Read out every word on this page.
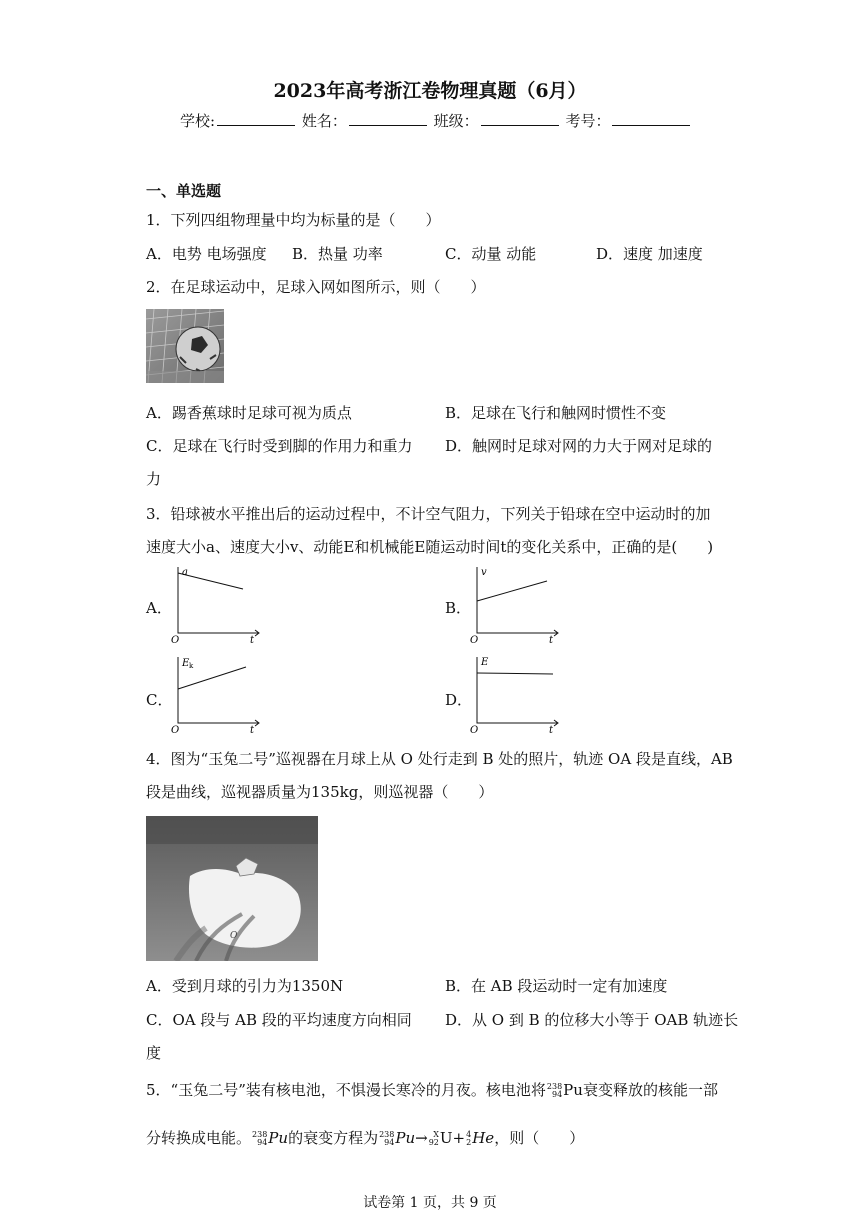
2023年高考浙江卷物理真题（6月）
学校:	姓名：	班级：	考号：
一、单选题
1．下列四组物理量中均为标量的是（　　）
A．电势 电场强度 B．热量 功率	C．动量 动能	D．速度 加速度
2．在足球运动中，足球入网如图所示，则（　　）
A．踢香蕉球时足球可视为质点	B．足球在飞行和触网时惯性不变
C．足球在飞行时受到脚的作用力和重力 D．触网时足球对网的力大于网对足球的
力
3．铅球被水平推出后的运动过程中，不计空气阻力，下列关于铅球在空中运动时的加
速度大小a、速度大小v、动能E和机械能E随运动时间t的变化关系中，正确的是(　　)
A．
a
O	t
B．
v
O	t
C．
E k
O	t
D．
E
O	t
4．图为“玉兔二号”巡视器在月球上从 O 处行走到 B 处的照片，轨迹 OA 段是直线，AB
段是曲线，巡视器质量为135kg，则巡视器（　　）
O
A．受到月球的引力为1350N	B．在 AB 段运动时一定有加速度
C．OA 段与 AB 段的平均速度方向相同 D．从 O 到 B 的位移大小等于 OAB 轨迹长
度
5．“玉兔二号”装有核电池，不惧漫长寒冷的月夜。核电池将 238
94 Pu衰变释放的核能一部
分转换成电能。 238
94 Pu的衰变方程为 238
94 Pu→ X
92 U+ 4
2 He，则（　　）
试卷第 1 页，共 9 页
